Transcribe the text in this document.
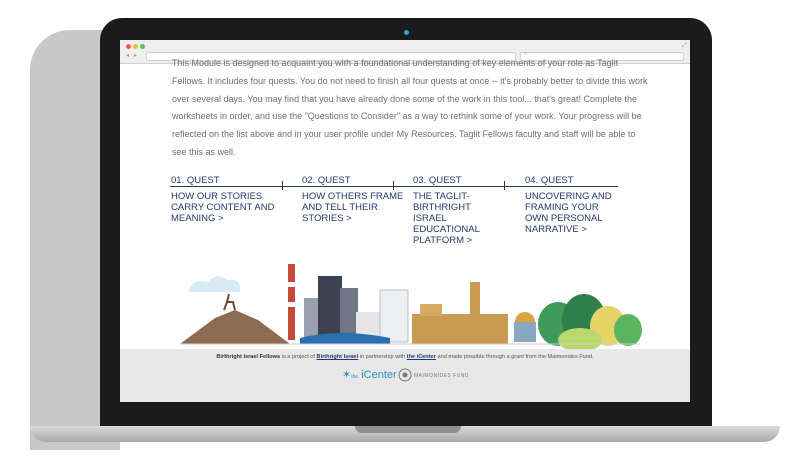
◂ ▸	⌕
⤢

This Module is designed to acquaint you with a foundational understanding of key elements of your role as Taglit Fellows. It includes four quests. You do not need to finish all four quests at once -- it's probably better to divide this work over several days. You may find that you have already done some of the work in this tool... that's great! Complete the worksheets in order, and use the "Questions to Consider" as a way to rethink some of your work. Your progress will be reflected on the list above and in your user profile under My Resources. Taglit Fellows faculty and staff will be able to see this as well.

01. QUEST
HOW OUR STORIES CARRY CONTENT AND MEANING >
02. QUEST
HOW OTHERS FRAME AND TELL THEIR STORIES >
03. QUEST
THE TAGLIT-BIRTHRIGHT ISRAEL EDUCATIONAL PLATFORM >
04. QUEST
UNCOVERING AND FRAMING YOUR OWN PERSONAL NARRATIVE >
Birthright Israel Fellows is a project of Birthright Israel in partnership with the iCenter and made possible through a grant from the Maimonides Fund.
✶the iCenter	MAIMONIDES FUND
